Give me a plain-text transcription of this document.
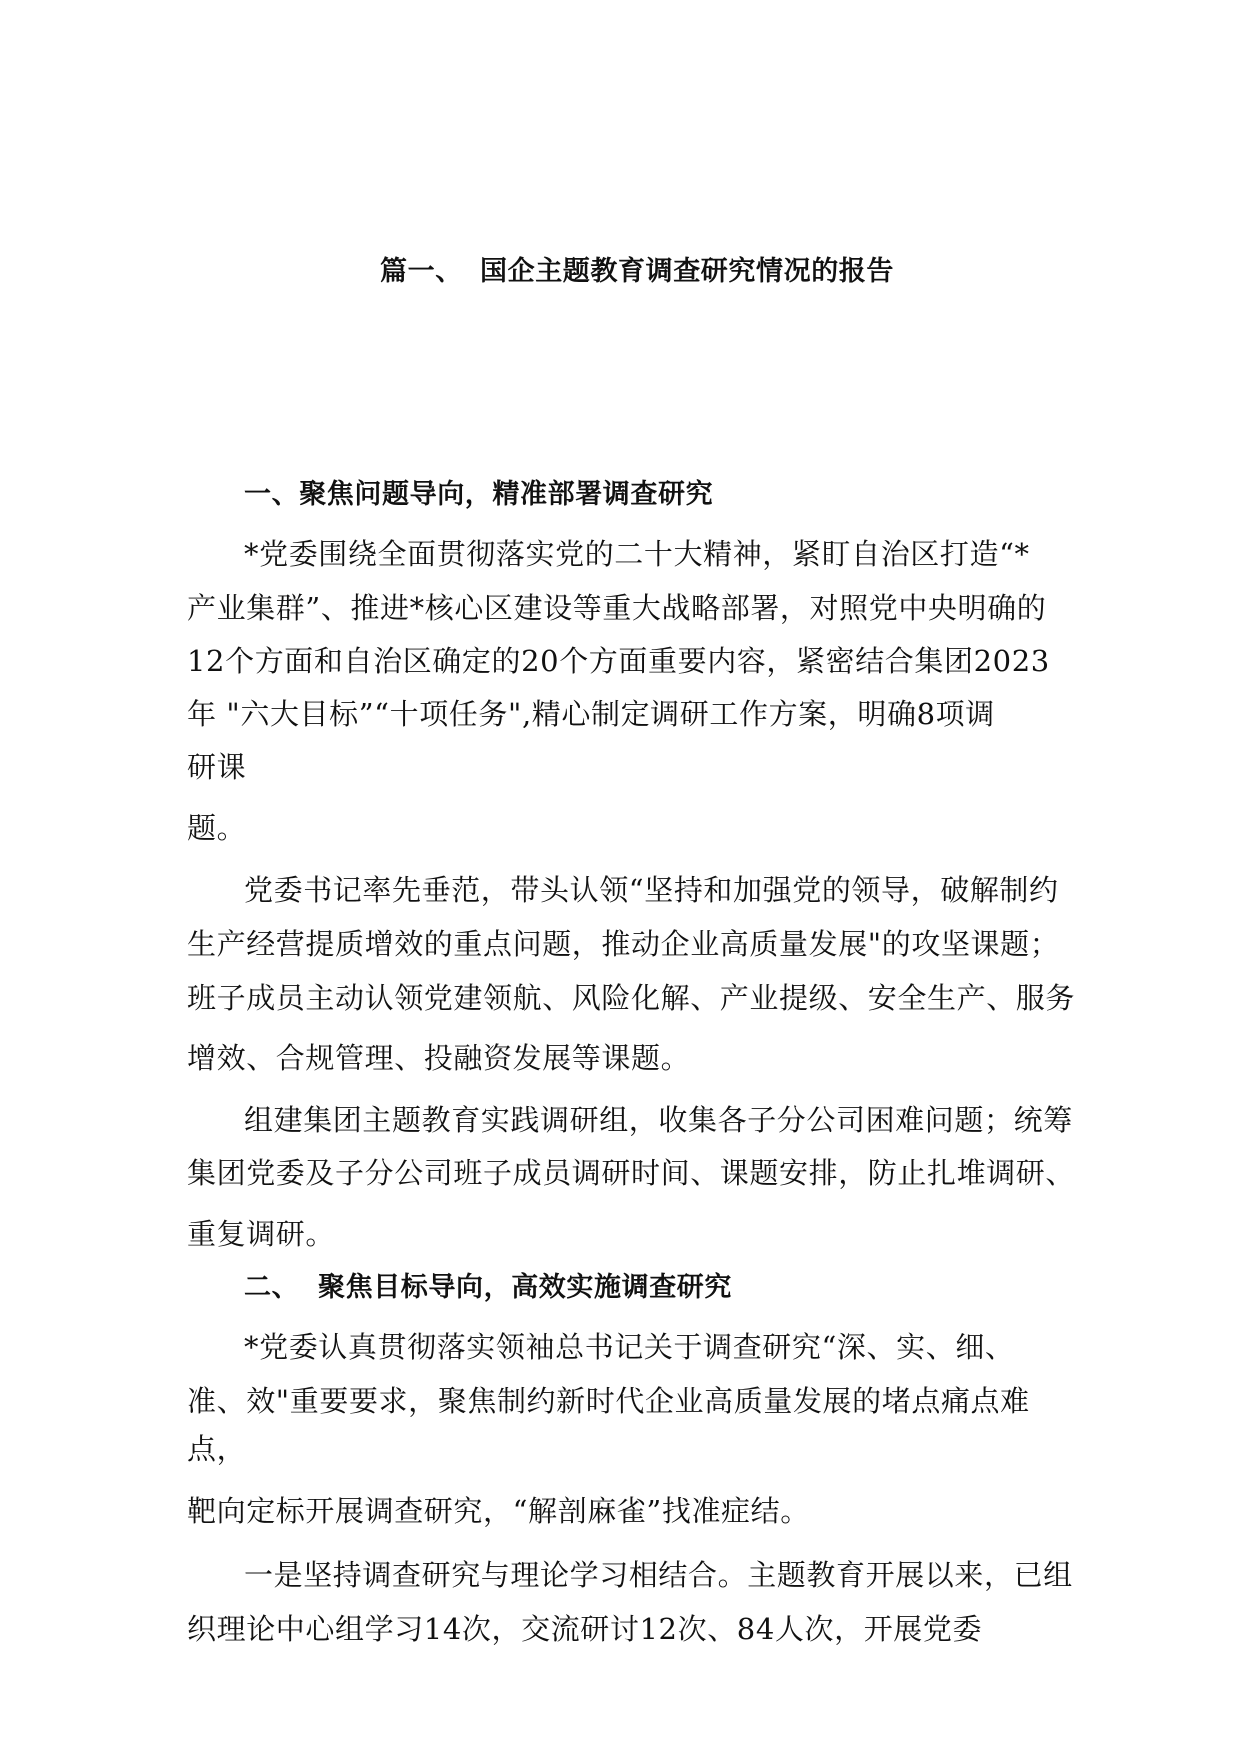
篇一、 国企主题教育调查研究情况的报告
一、聚焦问题导向，精准部署调查研究

*党委围绕全面贯彻落实党的二十大精神，紧盯自治区打造“*

产业集群”、推进*核心区建设等重大战略部署，对照党中央明确的

12个方面和自治区确定的20个方面重要内容，紧密结合集团2023

年 "六大目标”“十项任务",精心制定调研工作方案，明确8项调

研课

题。

党委书记率先垂范，带头认领“坚持和加强党的领导，破解制约

生产经营提质增效的重点问题，推动企业高质量发展"的攻坚课题；

班子成员主动认领党建领航、风险化解、产业提级、安全生产、服务

增效、合规管理、投融资发展等课题。

组建集团主题教育实践调研组，收集各子分公司困难问题；统筹

集团党委及子分公司班子成员调研时间、课题安排，防止扎堆调研、

重复调研。

二、 聚焦目标导向，高效实施调查研究

*党委认真贯彻落实领袖总书记关于调查研究“深、实、细、

准、效"重要要求，聚焦制约新时代企业高质量发展的堵点痛点难

点，

靶向定标开展调查研究，“解剖麻雀”找准症结。

一是坚持调查研究与理论学习相结合。主题教育开展以来，已组

织理论中心组学习14次，交流研讨12次、84人次，开展党委
